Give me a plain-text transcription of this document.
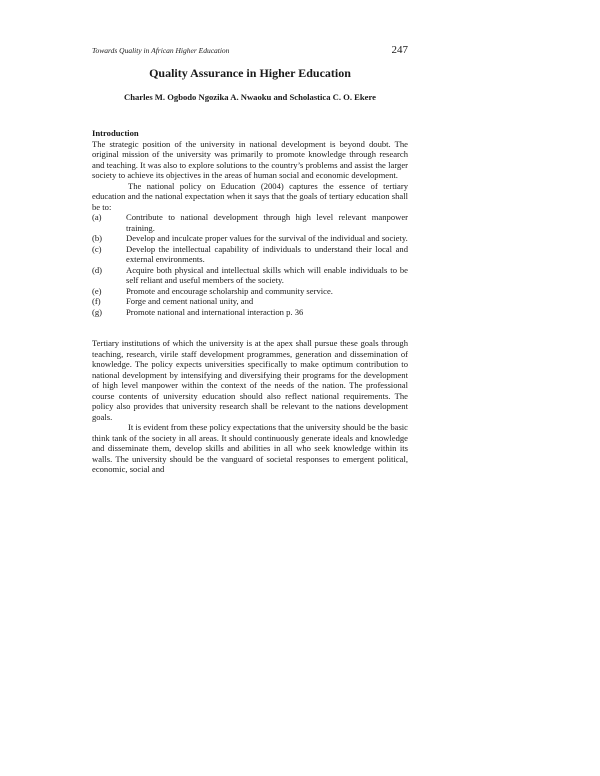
Towards Quality in African Higher Education	247
Quality Assurance in Higher Education
Charles M. Ogbodo Ngozika A. Nwaoku and Scholastica C. O. Ekere
Introduction

The strategic position of the university in national development is beyond doubt. The original mission of the university was primarily to promote knowledge through research and teaching. It was also to explore solutions to the country’s problems and assist the larger society to achieve its objectives in the areas of human social and economic development.

The national policy on Education (2004) captures the essence of tertiary education and the national expectation when it says that the goals of tertiary education shall be to:

(a)	Contribute to national development through high level relevant manpower training.
(b)	Develop and inculcate proper values for the survival of the individual and society.
(c)	Develop the intellectual capability of individuals to understand their local and external environments.
(d)	Acquire both physical and intellectual skills which will enable individuals to be self reliant and useful members of the society.
(e)	Promote and encourage scholarship and community service.
(f)	Forge and cement national unity, and
(g)	Promote national and international interaction p. 36

Tertiary institutions of which the university is at the apex shall pursue these goals through teaching, research, virile staff development programmes, generation and dissemination of knowledge. The policy expects universities specifically to make optimum contribution to national development by intensifying and diversifying their programs for the development of high level manpower within the context of the needs of the nation. The professional course contents of university education should also reflect national requirements. The policy also provides that university research shall be relevant to the nations development goals.

It is evident from these policy expectations that the university should be the basic think tank of the society in all areas. It should continuously generate ideals and knowledge and disseminate them, develop skills and abilities in all who seek knowledge within its walls. The university should be the vanguard of societal responses to emergent political, economic, social and
